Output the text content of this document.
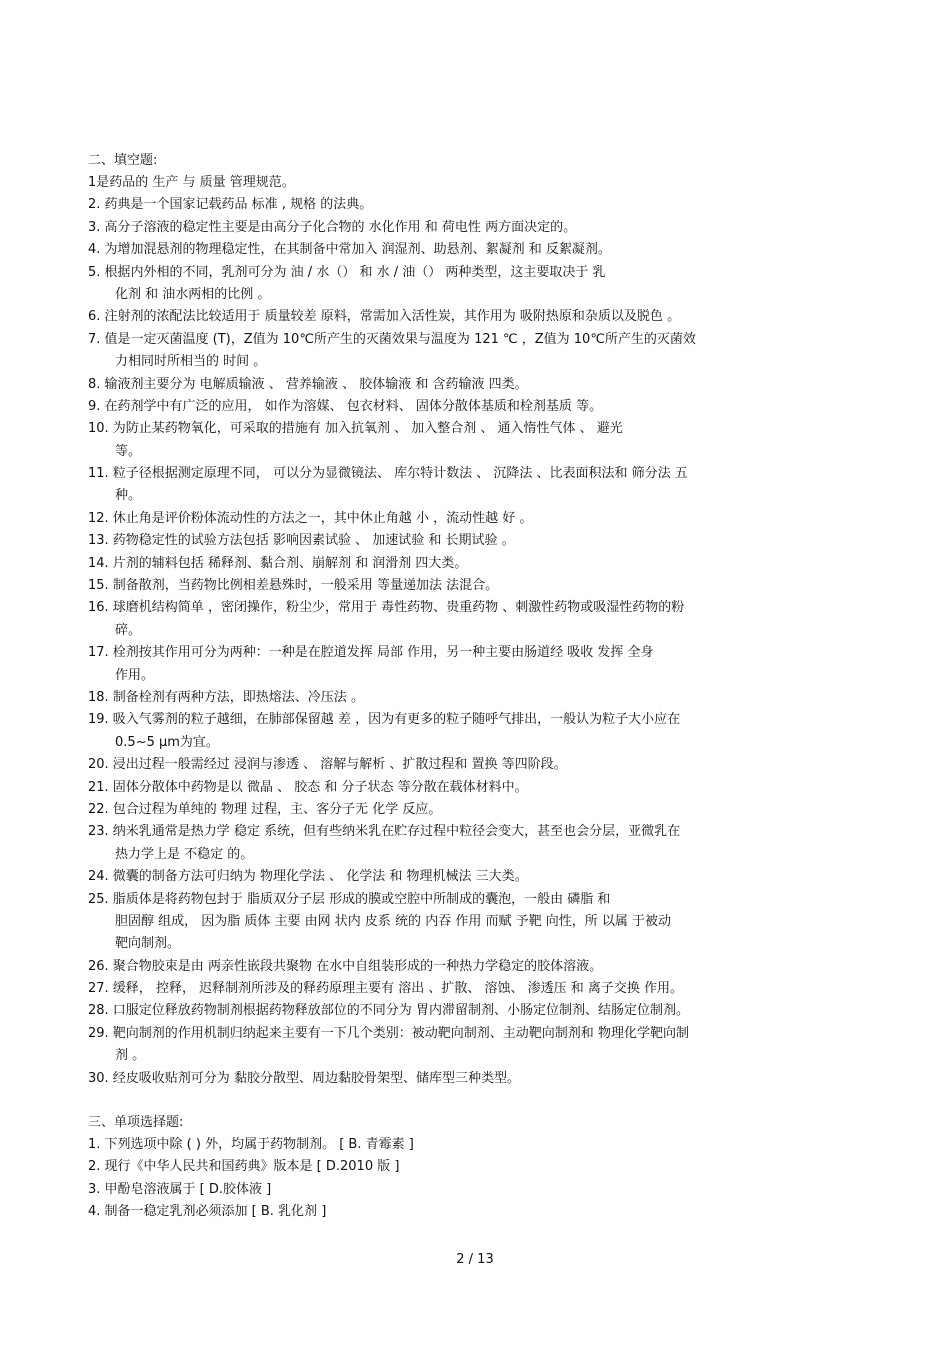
二、填空题:
1是药品的 生产 与 质量 管理规范。
2. 药典是一个国家记载药品 标准 , 规格 的法典。
3. 高分子溶液的稳定性主要是由高分子化合物的 水化作用 和 荷电性 两方面决定的。
4. 为增加混悬剂的物理稳定性，在其制备中常加入 润湿剂、助悬剂、絮凝剂 和 反絮凝剂。
5. 根据内外相的不同，乳剂可分为 油 / 水（） 和 水 / 油（） 两种类型，这主要取决于 乳
化剂 和 油水两相的比例 。
6. 注射剂的浓配法比较适用于 质量较差 原料，常需加入活性炭，其作用为 吸附热原和杂质以及脱色 。
7. 值是一定灭菌温度 (T)，Z值为 10℃所产生的灭菌效果与温度为 121 ℃ ，Z值为 10℃所产生的灭菌效
力相同时所相当的 时间 。
8. 输液剂主要分为 电解质输液 、 营养输液 、 胶体输液 和 含药输液 四类。
9. 在药剂学中有广泛的应用， 如作为溶媒、 包衣材料、 固体分散体基质和栓剂基质 等。
10. 为防止某药物氧化，可采取的措施有 加入抗氧剂 、 加入整合剂 、 通入惰性气体 、 避光
等。
11. 粒子径根据测定原理不同， 可以分为显微镜法、 库尔特计数法 、 沉降法 、比表面积法和 筛分法 五
种。
12. 休止角是评价粉体流动性的方法之一，其中休止角越 小 ，流动性越 好 。
13. 药物稳定性的试验方法包括 影响因素试验 、 加速试验 和 长期试验 。
14. 片剂的辅料包括 稀释剂、黏合剂、崩解剂 和 润滑剂 四大类。
15. 制备散剂，当药物比例相差悬殊时，一般采用 等量递加法 法混合。
16. 球磨机结构简单 ，密闭操作，粉尘少，常用于 毒性药物、贵重药物 、刺激性药物或吸湿性药物的粉
碎。
17. 栓剂按其作用可分为两种：一种是在腔道发挥 局部 作用，另一种主要由肠道经 吸收 发挥 全身
作用。
18. 制备栓剂有两种方法，即热熔法、冷压法 。
19. 吸入气雾剂的粒子越细，在肺部保留越 差 ，因为有更多的粒子随呼气排出，一般认为粒子大小应在
0.5~5 μm为宜。
20. 浸出过程一般需经过 浸润与渗透 、 溶解与解析 、扩散过程和 置换 等四阶段。
21. 固体分散体中药物是以 微晶 、 胶态 和 分子状态 等分散在载体材料中。
22. 包合过程为单纯的 物理 过程，主、客分子无 化学 反应。
23. 纳米乳通常是热力学 稳定 系统，但有些纳米乳在贮存过程中粒径会变大，甚至也会分层，亚微乳在
热力学上是 不稳定 的。
24. 微囊的制备方法可归纳为 物理化学法 、 化学法 和 物理机械法 三大类。
25. 脂质体是将药物包封于 脂质双分子层 形成的膜或空腔中所制成的囊泡，一般由 磷脂 和
胆固醇 组成， 因为脂 质体 主要 由网 状内 皮系 统的 内吞 作用 而赋 予靶 向性，所 以属 于被动
靶向制剂。
26. 聚合物胶束是由 两亲性嵌段共聚物 在水中自组装形成的一种热力学稳定的胶体溶液。
27. 缓释， 控释， 迟释制剂所涉及的释药原理主要有 溶出 、扩散、 溶蚀、 渗透压 和 离子交换 作用。
28. 口服定位释放药物制剂根据药物释放部位的不同分为 胃内滞留制剂、小肠定位制剂、结肠定位制剂。
29. 靶向制剂的作用机制归纳起来主要有一下几个类别：被动靶向制剂、主动靶向制剂和 物理化学靶向制
剂 。
30. 经皮吸收贴剂可分为 黏胶分散型、周边黏胶骨架型、储库型三种类型。
三、单项选择题:
1. 下列选项中除 ( ) 外，均属于药物制剂。 [ B. 青霉素 ]
2. 现行《中华人民共和国药典》版本是 [ D.2010 版 ]
3. 甲酚皂溶液属于 [ D.胶体液 ]
4. 制备一稳定乳剂必须添加 [ B. 乳化剂 ]
2 / 13
